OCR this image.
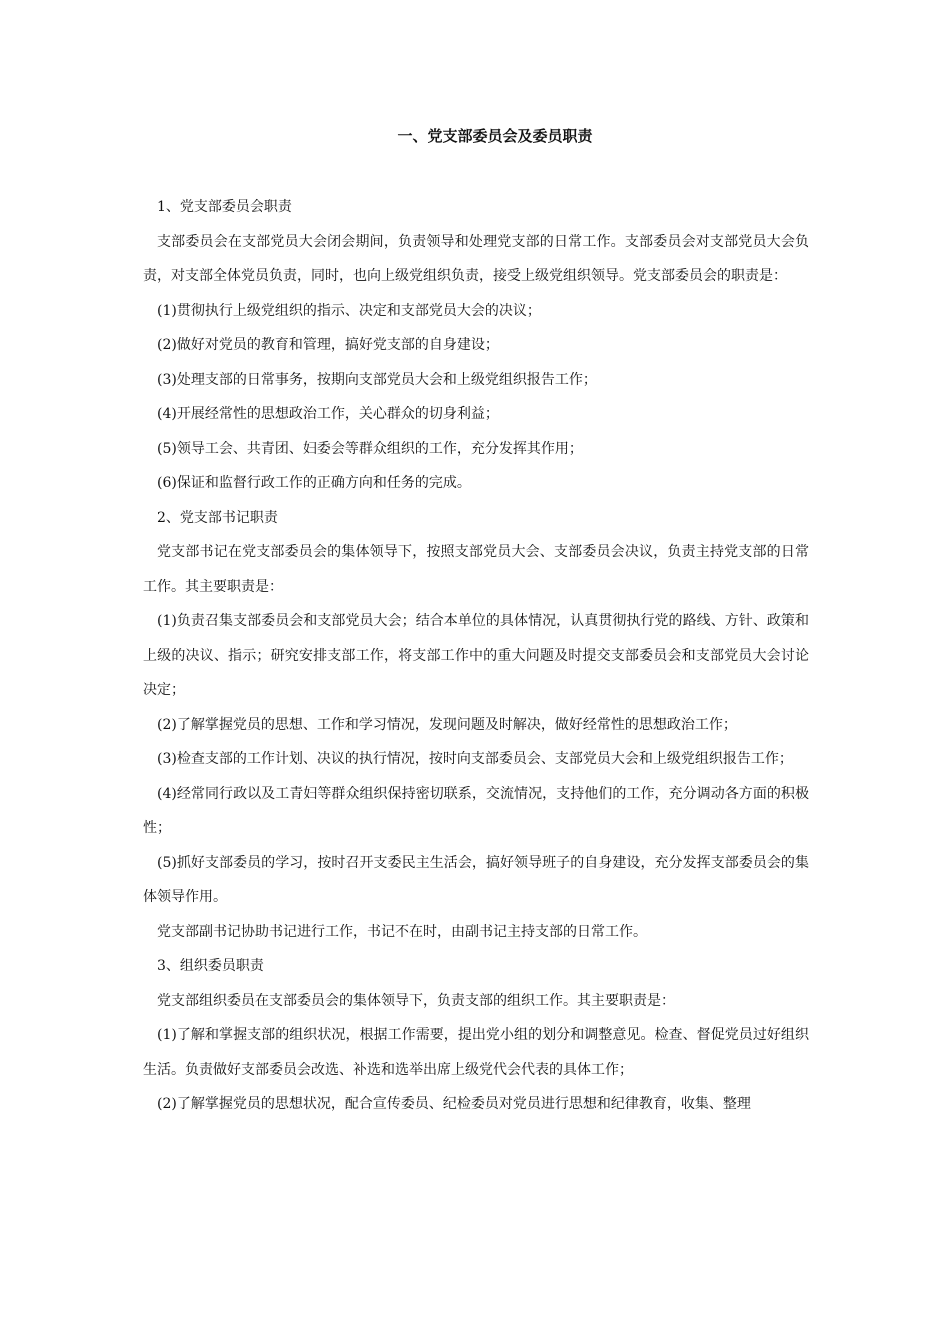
一、党支部委员会及委员职责

1、党支部委员会职责

支部委员会在支部党员大会闭会期间，负责领导和处理党支部的日常工作。支部委员会对支部党员大会负责，对支部全体党员负责，同时，也向上级党组织负责，接受上级党组织领导。党支部委员会的职责是：

(1)贯彻执行上级党组织的指示、决定和支部党员大会的决议；

(2)做好对党员的教育和管理，搞好党支部的自身建设；

(3)处理支部的日常事务，按期向支部党员大会和上级党组织报告工作；

(4)开展经常性的思想政治工作，关心群众的切身利益；

(5)领导工会、共青团、妇委会等群众组织的工作，充分发挥其作用；

(6)保证和监督行政工作的正确方向和任务的完成。

2、党支部书记职责

党支部书记在党支部委员会的集体领导下，按照支部党员大会、支部委员会决议，负责主持党支部的日常工作。其主要职责是：

(1)负责召集支部委员会和支部党员大会；结合本单位的具体情况，认真贯彻执行党的路线、方针、政策和上级的决议、指示；研究安排支部工作，将支部工作中的重大问题及时提交支部委员会和支部党员大会讨论决定；

(2)了解掌握党员的思想、工作和学习情况，发现问题及时解决，做好经常性的思想政治工作；

(3)检查支部的工作计划、决议的执行情况，按时向支部委员会、支部党员大会和上级党组织报告工作；

(4)经常同行政以及工青妇等群众组织保持密切联系，交流情况，支持他们的工作，充分调动各方面的积极性；

(5)抓好支部委员的学习，按时召开支委民主生活会，搞好领导班子的自身建设，充分发挥支部委员会的集体领导作用。

党支部副书记协助书记进行工作，书记不在时，由副书记主持支部的日常工作。

3、组织委员职责

党支部组织委员在支部委员会的集体领导下，负责支部的组织工作。其主要职责是：

(1)了解和掌握支部的组织状况，根据工作需要，提出党小组的划分和调整意见。检查、督促党员过好组织生活。负责做好支部委员会改选、补选和选举出席上级党代会代表的具体工作；

(2)了解掌握党员的思想状况，配合宣传委员、纪检委员对党员进行思想和纪律教育，收集、整理
